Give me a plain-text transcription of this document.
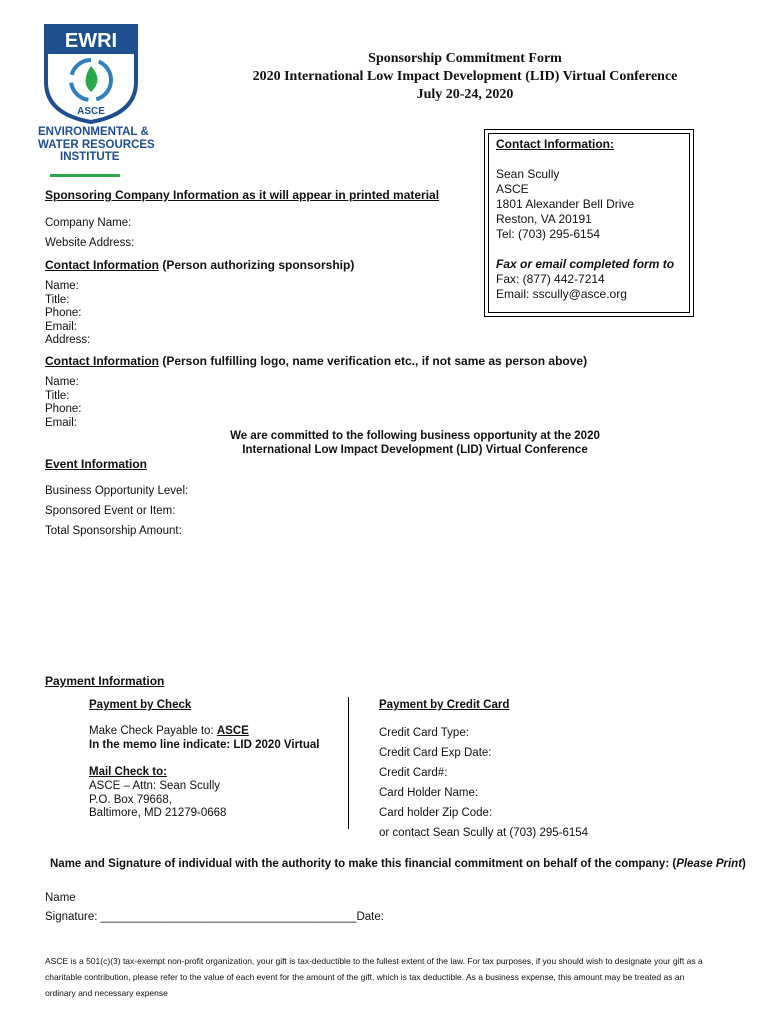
EWRI
ASCE
ENVIRONMENTAL &
WATER RESOURCES
INSTITUTE
Sponsorship Commitment Form
2020 International Low Impact Development (LID) Virtual Conference
July 20-24, 2020
Contact Information:
Sean Scully
ASCE
1801 Alexander Bell Drive
Reston, VA 20191
Tel: (703) 295-6154
Fax or email completed form to
Fax: (877) 442-7214
Email: sscully@asce.org
Sponsoring Company Information as it will appear in printed material
Company Name:
Website Address:
Contact Information (Person authorizing sponsorship)
Name:
Title:
Phone:
Email:
Address:
Contact Information (Person fulfilling logo, name verification etc., if not same as person above)
Name:
Title:
Phone:
Email:
We are committed to the following business opportunity at the 2020
International Low Impact Development (LID) Virtual Conference
Event Information
Business Opportunity Level:
Sponsored Event or Item:
Total Sponsorship Amount:
Payment Information
Payment by Check
Make Check Payable to: ASCE
In the memo line indicate: LID 2020 Virtual
Mail Check to:
ASCE – Attn: Sean Scully
P.O. Box 79668,
Baltimore, MD 21279-0668
Payment by Credit Card
Credit Card Type:
Credit Card Exp Date:
Credit Card#:
Card Holder Name:
Card holder Zip Code:
or contact Sean Scully at (703) 295-6154
Name and Signature of individual with the authority to make this financial commitment on behalf of the company: (Please Print)
Name
Signature: ________________________________________Date:
ASCE is a 501(c)(3) tax-exempt non-profit organization, your gift is tax-deductible to the fullest extent of the law. For tax purposes, if you should wish to designate your gift as a
charitable contribution, please refer to the value of each event for the amount of the gift, which is tax deductible. As a business expense, this amount may be treated as an
ordinary and necessary expense
